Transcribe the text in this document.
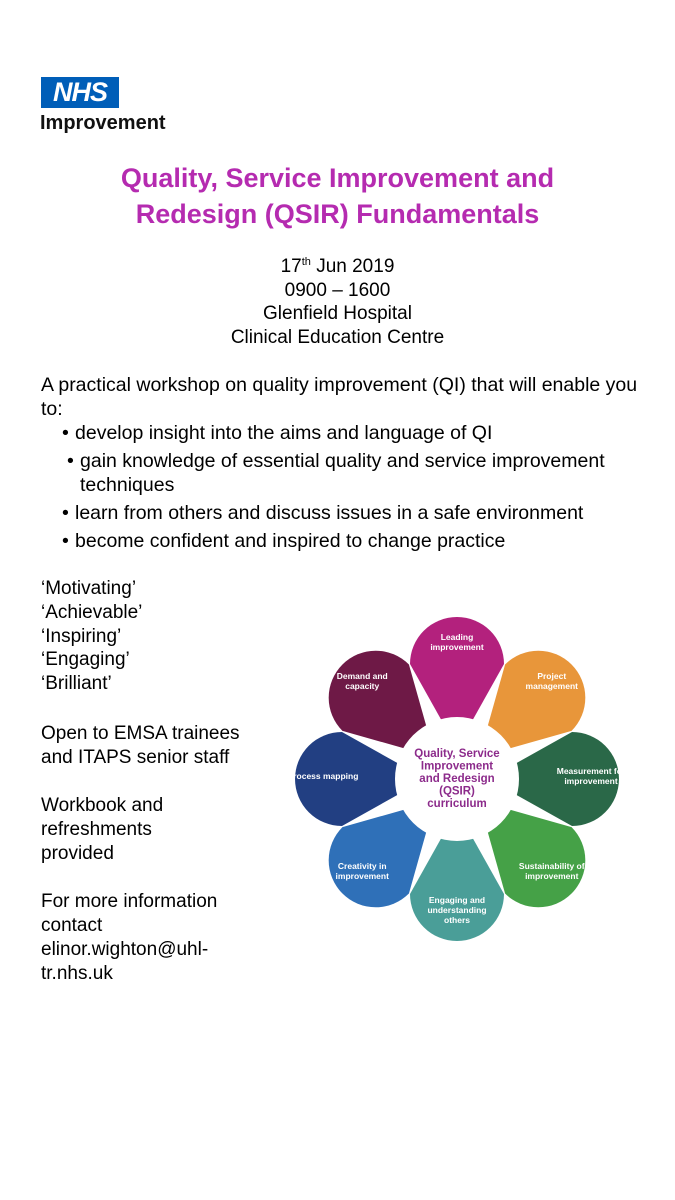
NHS
Improvement
Quality, Service Improvement and
Redesign (QSIR) Fundamentals
17th Jun 2019
0900 – 1600
Glenfield Hospital
Clinical Education Centre
A practical workshop on quality improvement (QI) that will enable you to:
• develop insight into the aims and language of QI
• gain knowledge of essential quality and service improvement techniques
• learn from others and discuss issues in a safe environment
• become confident and inspired to change practice
‘Motivating’
‘Achievable’
‘Inspiring’
‘Engaging’
‘Brilliant’
Open to EMSA trainees
and ITAPS senior staff
Workbook and
refreshments
provided
For more information
contact
elinor.wighton@uhl-
tr.nhs.uk
Leading improvement
Project management
Measurement for improvement
Sustainability of improvement
Engaging and understanding others
Creativity in improvement
Process mapping
Demand and capacity
Quality, Service Improvement and Redesign (QSIR) curriculum
